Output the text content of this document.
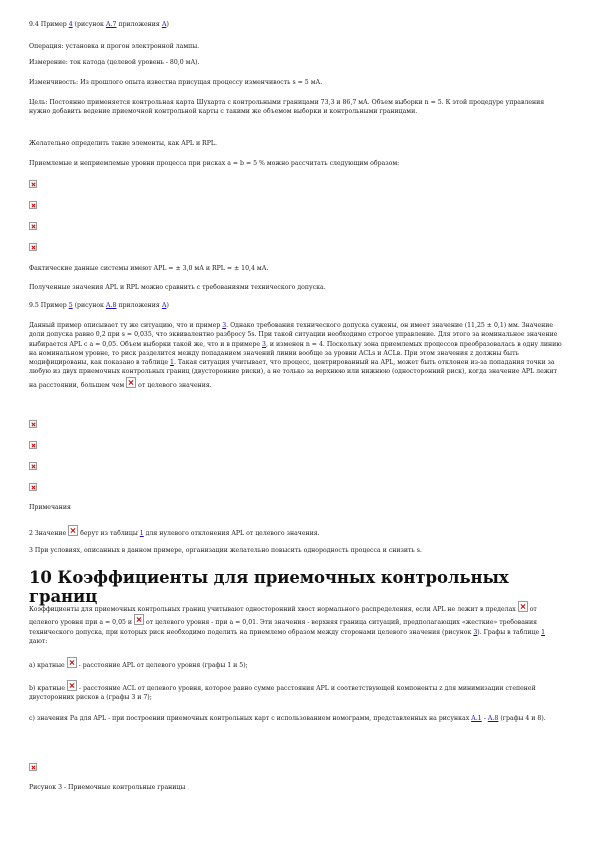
9.4 Пример 4 (рисунок А.7 приложения А)

Операция: установка и прогон электронной лампы.

Измерение: ток катода (целевой уровень - 80,0 мА).

Изменчивость: Из прошлого опыта известна присущая процессу изменчивость s = 5 мА.

Цель: Постоянно применяется контрольная карта Шухарта с контрольными границами 73,3 и 86,7 мА. Объем выборки n = 5. К этой процедуре управления нужно добавить ведение приемочной контрольной карты с такими же объемом выборки и контрольными границами.

Желательно определить такие элементы, как APL и RPL.

Приемлемые и неприемлемые уровни процесса при рисках a = b = 5 % можно рассчитать следующим образом:

Фактические данные системы имеют APL = ± 3,0 мА и RPL = ± 10,4 мА.

Полученные значения APL и RPL можно сравнить с требованиями технического допуска.

9.5 Пример 5 (рисунок А.8 приложения А)

Данный пример описывает ту же ситуацию, что и пример 3. Однако требования технического допуска сужены, он имеет значение (11,25 ± 0,1) мм. Значение доли допуска равно 0,2 при s = 0,035, что эквивалентно разбросу 5s. При такой ситуации необходимо строгое управление. Для этого за номинальное значение выбирается APL с a = 0,05. Объем выборки такой же, что и в примере 3, и изменен n = 4. Поскольку зона приемлемых процессов преобразовалась в одну линию на номинальном уровне, то риск разделится между попаданием значений линии вообще за уровни ACLs и ACLв. При этом значения z должны быть модифицированы, как показано в таблице 1. Такая ситуация учитывает, что процесс, центрированный на APL, может быть отклонен из-за попадания точки за любую из двух приемочных контрольных границ (двусторонние риски), а не только за верхнюю или нижнюю (односторонний риск), когда значение APL лежит на расстоянии, большем чем  от целевого значения.

Примечания

2 Значение  берут из таблицы 1 для нулевого отклонения APL от целевого значения.

3 При условиях, описанных в данном примере, организации желательно повысить однородность процесса и снизить s.

10 Коэффициенты для приемочных контрольных границ

Коэффициенты для приемочных контрольных границ учитывают односторонний хвост нормального распределения, если APL не лежит в пределах  от целевого уровня при a = 0,05 и  от целевого уровня - при a = 0,01. Эти значения - верхняя граница ситуаций, предполагающих «жесткие» требования технического допуска, при которых риск необходимо поделить на приемлемо образом между сторонами целевого значения (рисунок 3). Графы в таблице 1 дают:

a) кратные  - расстояние APL от целевого уровня (графы 1 и 5);

b) кратные  - расстояние ACL от целевого уровня, которое равно сумме расстояния APL и соответствующей компоненты z для минимизации степеней двусторонних рисков a (графы 3 и 7);

c) значения Рa для APL - при построении приемочных контрольных карт с использованием номограмм, представленных на рисунках А.1 - А.8 (графы 4 и 8).

Рисунок 3 - Приемочные контрольные границы
